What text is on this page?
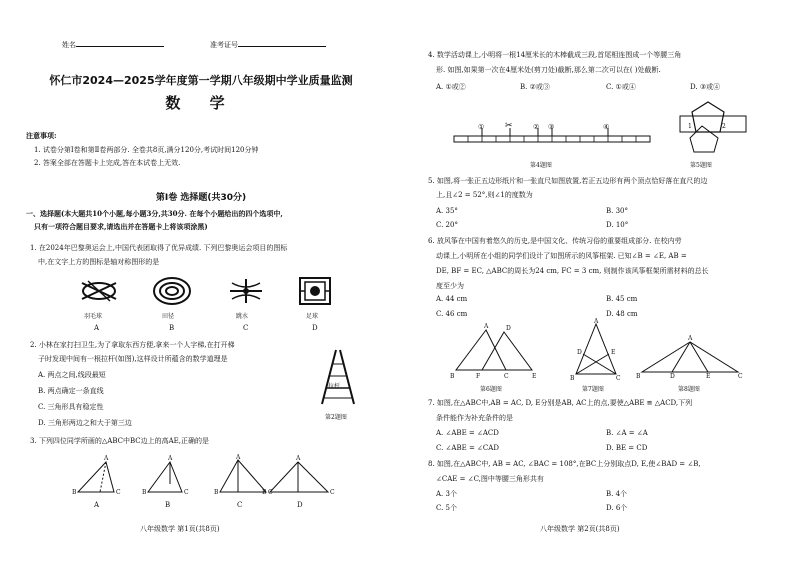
姓名	准考证号
怀仁市2024—2025学年度第一学期八年级期中学业质量监测
数 学
注意事项:
1. 试卷分第Ⅰ卷和第Ⅱ卷两部分. 全卷共8页,满分120分,考试时间120分钟
2. 答案全部在答题卡上完成,答在本试卷上无效.
第Ⅰ卷 选择题(共30分)
一、选择题(本大题共10个小题,每小题3分,共30分. 在每个小题给出的四个选项中,
只有一项符合题目要求,请选出并在答题卡上将该项涂黑)
1. 在2024年巴黎奥运会上,中国代表团取得了优异成绩. 下列巴黎奥运会项目的图标
中,在文字上方的图标是轴对称图形的是
羽毛球	田径	跳水	足球
A	B	C	D
2. 小林在家打扫卫生,为了拿取东西方便,拿来一个人字梯,在打开梯
子时发现中间有一根拉杆(如图),这样设计所蕴含的数学道理是
A. 两点之间,线段最短
B. 两点确定一条直线
C. 三角形具有稳定性
D. 三角形两边之和大于第三边
拉杆
第2题图
3. 下列四位同学所画的△ABC中BC边上的高AE,正确的是
B	C
A
B	C
A
B	C
A
B	C
A
A	B	C	D
八年级数学 第1页(共8页)
4. 数学活动课上,小明将一根14厘米长的木棒截成三段,首尾相连围成一个等腰三角
形. 如图,如果第一次在4厘米处(剪刀处)截断,那么第二次可以在( )处截断.
A. ①或②	B. ②或③	C. ①或④	D. ③或④
① ✂	② ③	④
第4题图
1	2
第5题图
5. 如图,将一张正五边形纸片和一张直尺如图放置,若正五边形有两个顶点恰好落在直尺的边
上,且∠2 = 52°,则∠1的度数为
A. 35°	B. 30°
C. 20°	D. 10°
6. 放风筝在中国有着悠久的历史,是中国文化、传统习俗的重要组成部分. 在校内劳
动课上,小明所在小组的同学们设计了如图所示的风筝框架. 已知∠B = ∠E, AB =
DE, BF = EC, △ABC的周长为24 cm, FC = 3 cm, 则制作该风筝框架所需材料的总长
度至少为
A. 44 cm	B. 45 cm
C. 46 cm	D. 48 cm
A
B	F	C	E
D
A
B	C
D	E
A
B	D	E	C
第6题图	第7题图	第8题图
7. 如图,在△ABC中,AB = AC, D, E分别是AB, AC上的点,要使△ABE ≌ △ACD,下列
条件能作为补充条件的是
A. ∠ABE = ∠ACD	B. ∠A = ∠A
C. ∠ABE = ∠CAD	D. BE = CD
8. 如图,在△ABC中, AB = AC, ∠BAC = 108°,在BC上分别取点D, E,使∠BAD = ∠B,
∠CAE = ∠C,图中等腰三角形共有
A. 3个	B. 4个
C. 5个	D. 6个
八年级数学 第2页(共8页)
